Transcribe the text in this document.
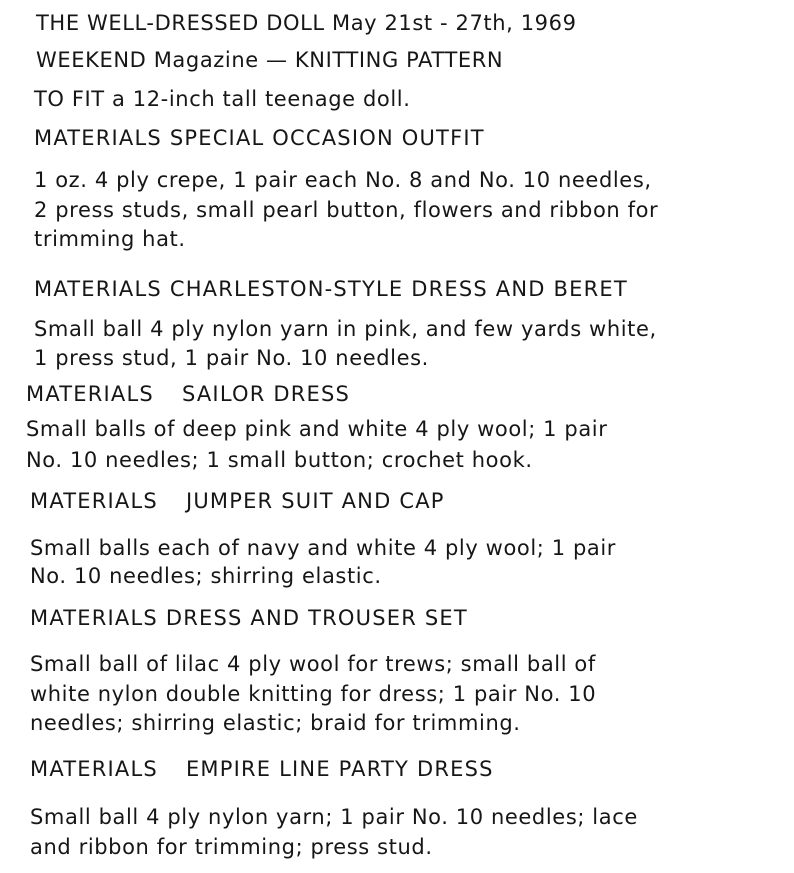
THE WELL-DRESSED DOLL May 21st - 27th, 1969

WEEKEND Magazine — KNITTING PATTERN

TO FIT a 12-inch tall teenage doll.

MATERIALS SPECIAL OCCASION OUTFIT

1 oz. 4 ply crepe, 1 pair each No. 8 and No. 10 needles,

2 press studs, small pearl button, flowers and ribbon for

trimming hat.

MATERIALS CHARLESTON-STYLE DRESS AND BERET

Small ball 4 ply nylon yarn in pink, and few yards white,

1 press stud, 1 pair No. 10 needles.

MATERIALS SAILOR DRESS

Small balls of deep pink and white 4 ply wool; 1 pair

No. 10 needles; 1 small button; crochet hook.

MATERIALS JUMPER SUIT AND CAP

Small balls each of navy and white 4 ply wool; 1 pair

No. 10 needles; shirring elastic.

MATERIALS DRESS AND TROUSER SET

Small ball of lilac 4 ply wool for trews; small ball of

white nylon double knitting for dress; 1 pair No. 10

needles; shirring elastic; braid for trimming.

MATERIALS EMPIRE LINE PARTY DRESS

Small ball 4 ply nylon yarn; 1 pair No. 10 needles; lace

and ribbon for trimming; press stud.
